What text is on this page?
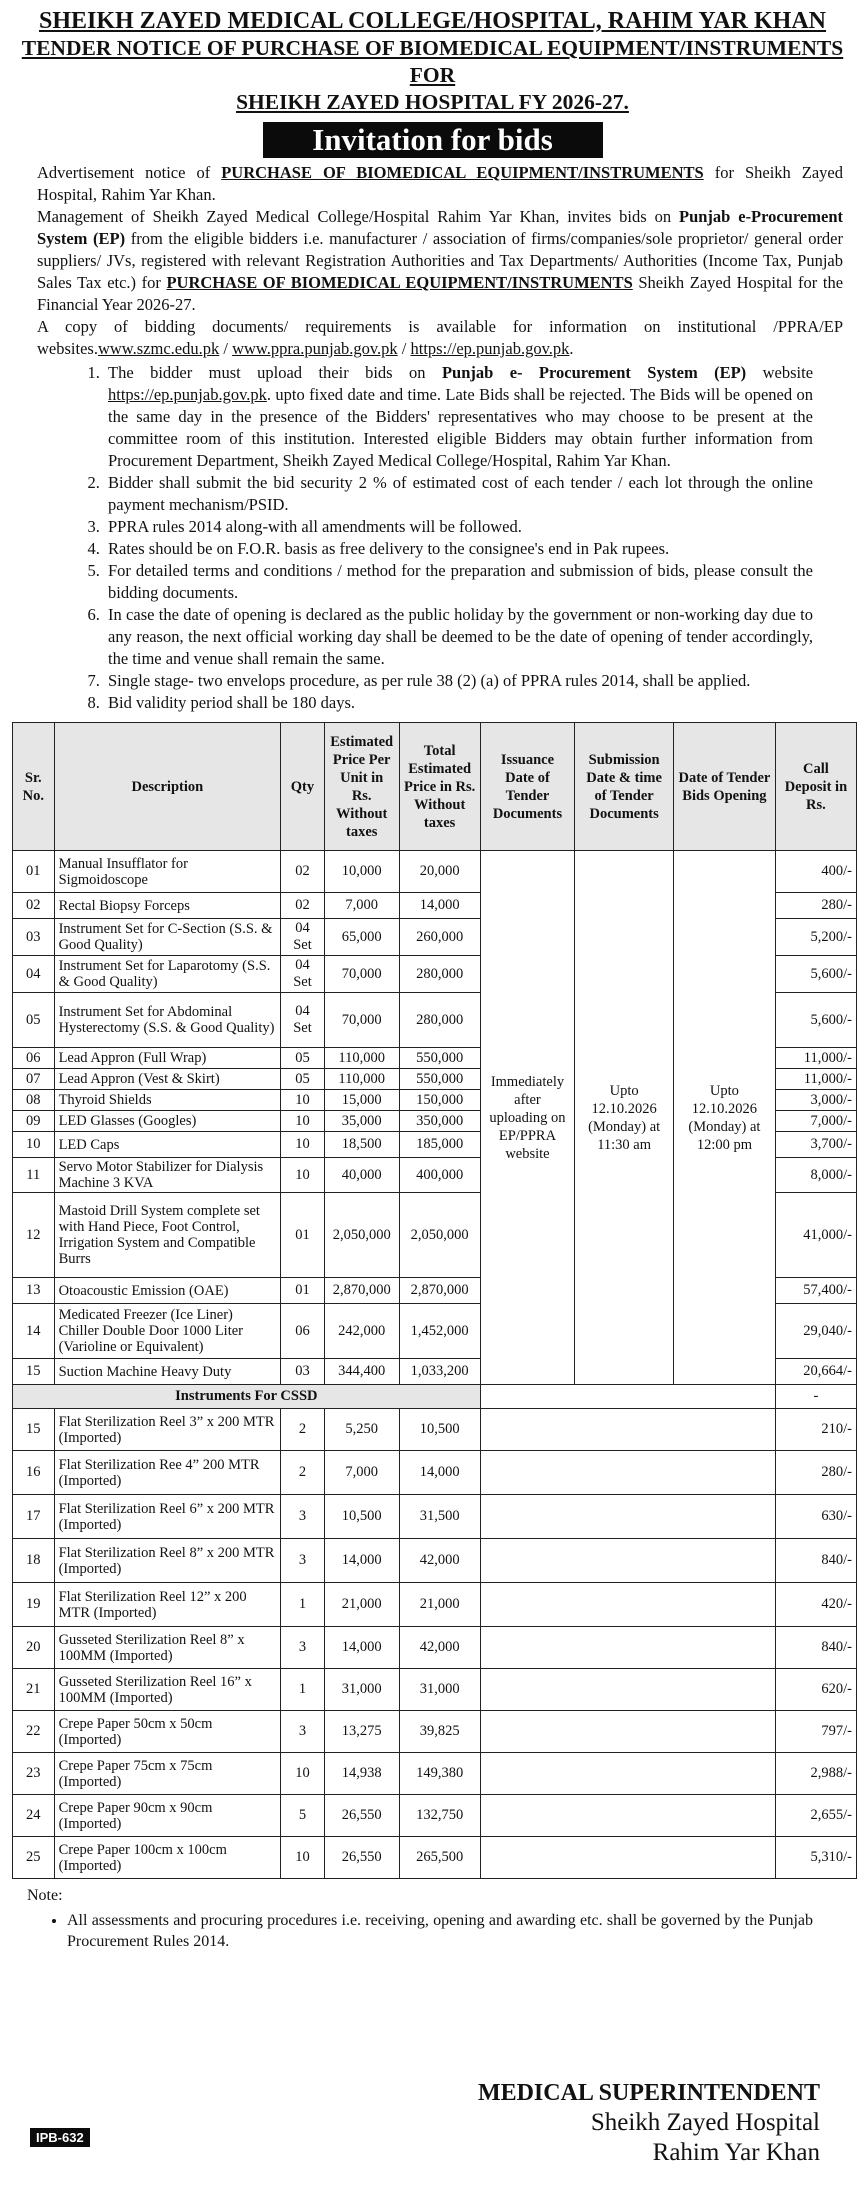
SHEIKH ZAYED MEDICAL COLLEGE/HOSPITAL, RAHIM YAR KHAN
TENDER NOTICE OF PURCHASE OF BIOMEDICAL EQUIPMENT/INSTRUMENTS FOR
SHEIKH ZAYED HOSPITAL FY 2026-27.
Invitation for bids
Advertisement notice of PURCHASE OF BIOMEDICAL EQUIPMENT/INSTRUMENTS for Sheikh Zayed Hospital, Rahim Yar Khan.
Management of Sheikh Zayed Medical College/Hospital Rahim Yar Khan, invites bids on Punjab e-Procurement System (EP) from the eligible bidders i.e. manufacturer / association of firms/companies/sole proprietor/ general order suppliers/ JVs, registered with relevant Registration Authorities and Tax Departments/ Authorities (Income Tax, Punjab Sales Tax etc.) for PURCHASE OF BIOMEDICAL EQUIPMENT/INSTRUMENTS Sheikh Zayed Hospital for the Financial Year 2026-27.
A copy of bidding documents/ requirements is available for information on institutional /PPRA/EP websites.www.szmc.edu.pk / www.ppra.punjab.gov.pk / https://ep.punjab.gov.pk.
1. The bidder must upload their bids on Punjab e- Procurement System (EP) website https://ep.punjab.gov.pk. upto fixed date and time. Late Bids shall be rejected. The Bids will be opened on the same day in the presence of the Bidders' representatives who may choose to be present at the committee room of this institution. Interested eligible Bidders may obtain further information from Procurement Department, Sheikh Zayed Medical College/Hospital, Rahim Yar Khan.
2. Bidder shall submit the bid security 2 % of estimated cost of each tender / each lot through the online payment mechanism/PSID.
3. PPRA rules 2014 along-with all amendments will be followed.
4. Rates should be on F.O.R. basis as free delivery to the consignee's end in Pak rupees.
5. For detailed terms and conditions / method for the preparation and submission of bids, please consult the bidding documents.
6. In case the date of opening is declared as the public holiday by the government or non-working day due to any reason, the next official working day shall be deemed to be the date of opening of tender accordingly, the time and venue shall remain the same.
7. Single stage- two envelops procedure, as per rule 38 (2) (a) of PPRA rules 2014, shall be applied.
8. Bid validity period shall be 180 days.
Sr. No.	Description	Qty	Estimated Price Per Unit in Rs. Without taxes	Total Estimated Price in Rs. Without taxes	Issuance Date of Tender Documents	Submission Date & time of Tender Documents	Date of Tender Bids Opening	Call Deposit in Rs.
01	Manual Insufflator for Sigmoidoscope	02	10,000	20,000	Immediately after uploading on EP/PPRA website	Upto 12.10.2026 (Monday) at 11:30 am	Upto 12.10.2026 (Monday) at 12:00 pm	400/-
02	Rectal Biopsy Forceps	02	7,000	14,000				280/-
03	Instrument Set for C-Section (S.S. & Good Quality)	04 Set	65,000	260,000				5,200/-
04	Instrument Set for Laparotomy (S.S. & Good Quality)	04 Set	70,000	280,000				5,600/-
05	Instrument Set for Abdominal Hysterectomy (S.S. & Good Quality)	04 Set	70,000	280,000				5,600/-
06	Lead Appron (Full Wrap)	05	110,000	550,000				11,000/-
07	Lead Appron (Vest & Skirt)	05	110,000	550,000				11,000/-
08	Thyroid Shields	10	15,000	150,000				3,000/-
09	LED Glasses (Googles)	10	35,000	350,000				7,000/-
10	LED Caps	10	18,500	185,000				3,700/-
11	Servo Motor Stabilizer for Dialysis Machine 3 KVA	10	40,000	400,000				8,000/-
12	Mastoid Drill System complete set with Hand Piece, Foot Control, Irrigation System and Compatible Burrs	01	2,050,000	2,050,000				41,000/-
13	Otoacoustic Emission (OAE)	01	2,870,000	2,870,000				57,400/-
14	Medicated Freezer (Ice Liner) Chiller Double Door 1000 Liter (Varioline or Equivalent)	06	242,000	1,452,000				29,040/-
15	Suction Machine Heavy Duty	03	344,400	1,033,200				20,664/-
Instruments For CSSD								-
15	Flat Sterilization Reel 3” x 200 MTR (Imported)	2	5,250	10,500				210/-
16	Flat Sterilization Ree 4” 200 MTR (Imported)	2	7,000	14,000				280/-
17	Flat Sterilization Reel 6” x 200 MTR (Imported)	3	10,500	31,500				630/-
18	Flat Sterilization Reel 8” x 200 MTR (Imported)	3	14,000	42,000				840/-
19	Flat Sterilization Reel 12” x 200 MTR (Imported)	1	21,000	21,000				420/-
20	Gusseted Sterilization Reel 8” x 100MM (Imported)	3	14,000	42,000				840/-
21	Gusseted Sterilization Reel 16” x 100MM (Imported)	1	31,000	31,000				620/-
22	Crepe Paper 50cm x 50cm (Imported)	3	13,275	39,825				797/-
23	Crepe Paper 75cm x 75cm (Imported)	10	14,938	149,380				2,988/-
24	Crepe Paper 90cm x 90cm (Imported)	5	26,550	132,750				2,655/-
25	Crepe Paper 100cm x 100cm (Imported)	10	26,550	265,500				5,310/-
Note:
• All assessments and procuring procedures i.e. receiving, opening and awarding etc. shall be governed by the Punjab Procurement Rules 2014.
IPB-632
MEDICAL SUPERINTENDENT
Sheikh Zayed Hospital
Rahim Yar Khan
